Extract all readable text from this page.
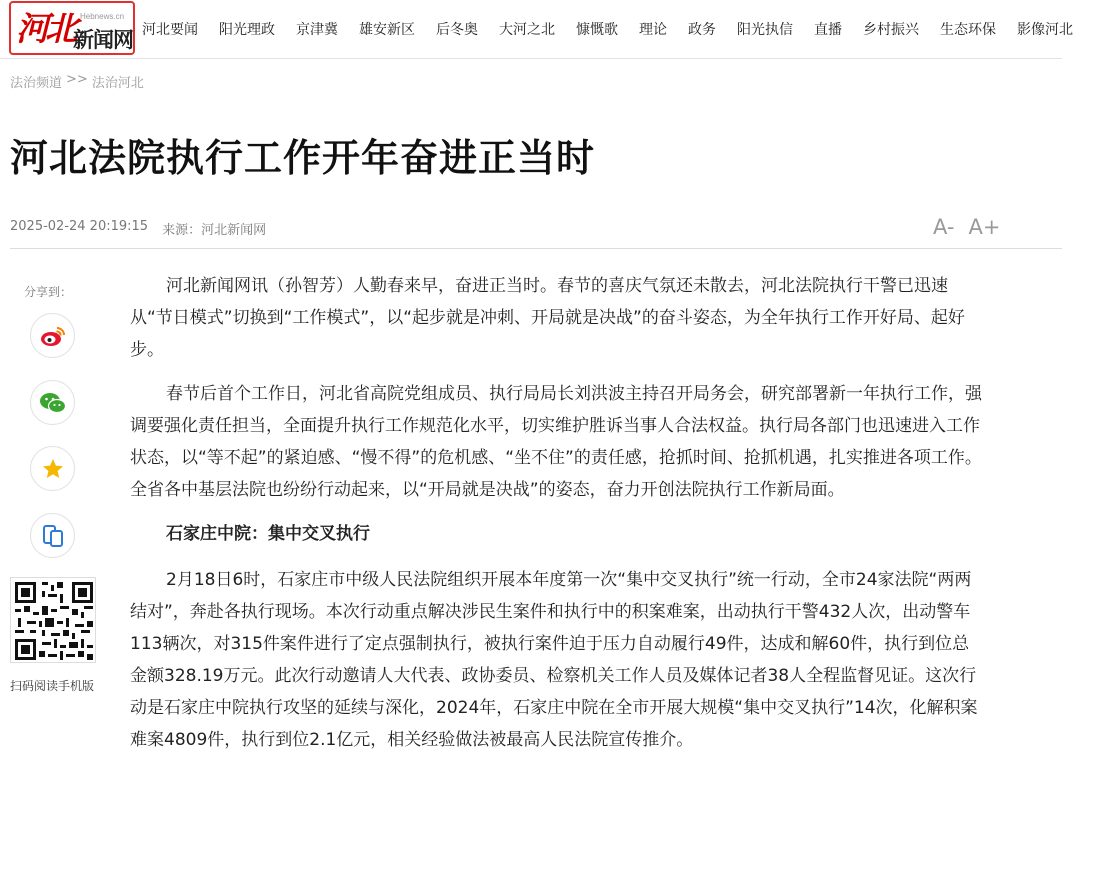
河北 Hebnews.cn
新闻网 河北要闻 阳光理政 京津冀 雄安新区 后冬奥 大河之北 慷慨歌 理论 政务 阳光执信 直播 乡村振兴 生态环保 影像河北
法治频道 >> 法治河北
河北法院执行工作开年奋进正当时
2025-02-24 20:19:15 来源：河北新闻网	A- A+
分享到：
扫码阅读手机版

河北新闻网讯（孙智芳）人勤春来早，奋进正当时。春节的喜庆气氛还未散去，河北法院执行干警已迅速从“节日模式”切换到“工作模式”，以“起步就是冲刺、开局就是决战”的奋斗姿态，为全年执行工作开好局、起好步。

春节后首个工作日，河北省高院党组成员、执行局局长刘洪波主持召开局务会，研究部署新一年执行工作，强调要强化责任担当，全面提升执行工作规范化水平，切实维护胜诉当事人合法权益。执行局各部门也迅速进入工作状态，以“等不起”的紧迫感、“慢不得”的危机感、“坐不住”的责任感，抢抓时间、抢抓机遇，扎实推进各项工作。全省各中基层法院也纷纷行动起来，以“开局就是决战”的姿态，奋力开创法院执行工作新局面。

石家庄中院：集中交叉执行

2月18日6时，石家庄市中级人民法院组织开展本年度第一次“集中交叉执行”统一行动，全市24家法院“两两结对”，奔赴各执行现场。本次行动重点解决涉民生案件和执行中的积案难案，出动执行干警432人次，出动警车113辆次，对315件案件进行了定点强制执行，被执行案件迫于压力自动履行49件，达成和解60件，执行到位总金额328.19万元。此次行动邀请人大代表、政协委员、检察机关工作人员及媒体记者38人全程监督见证。这次行动是石家庄中院执行攻坚的延续与深化，2024年，石家庄中院在全市开展大规模“集中交叉执行”14次，化解积案难案4809件，执行到位2.1亿元，相关经验做法被最高人民法院宣传推介。
